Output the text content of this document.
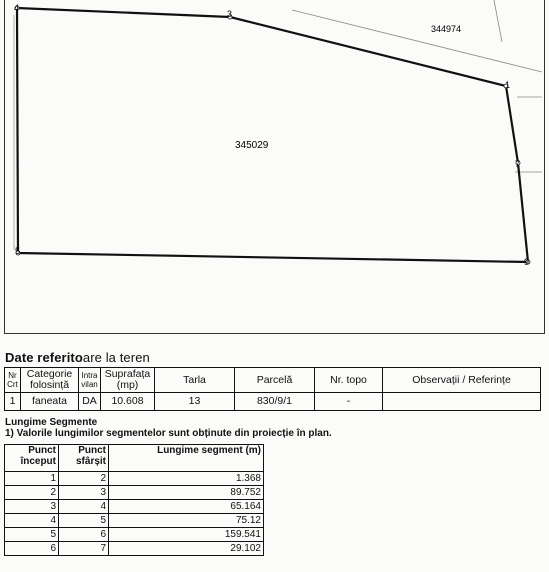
4
3
1
7
9
5
345029
344974
Date referitoare la teren
Nr Crt	Categorie folosință	Intra vilan	Suprafața (mp)	Tarla	Parcelă	Nr. topo	Observații / Referințe
1	faneata	DA	10.608	13	830/9/1	-	
Lungime Segmente
1) Valorile lungimilor segmentelor sunt obținute din proiecție în plan.
Punct început	Punct sfârșit	Lungime segment (m)
1	2	1.368
2	3	89.752
3	4	65.164
4	5	75.12
5	6	159.541
6	7	29.102
